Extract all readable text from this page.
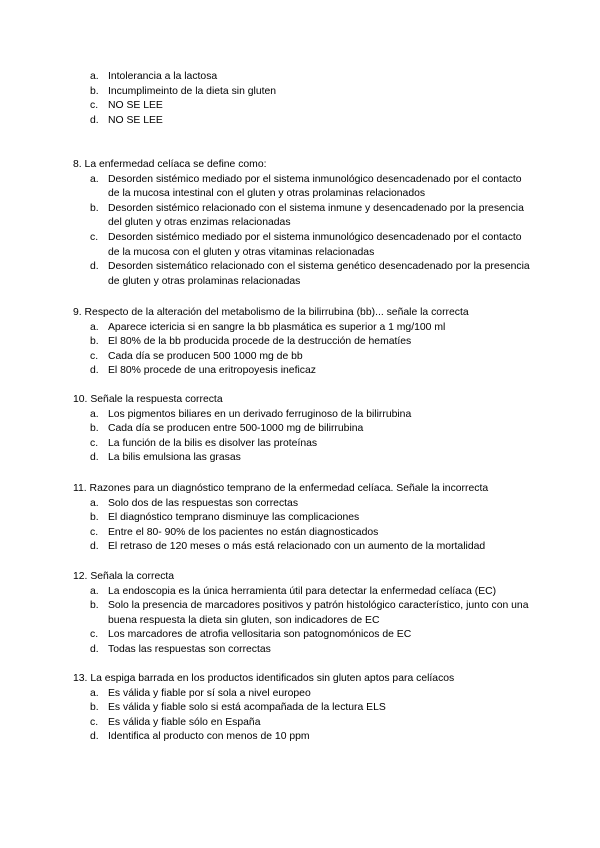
a. Intolerancia a la lactosa
b. Incumplimeinto de la dieta sin gluten
c. NO SE LEE
d. NO SE LEE

8. La enfermedad celíaca se define como:

a. Desorden sistémico mediado por el sistema inmunológico desencadenado por el contacto de la mucosa intestinal con el gluten y otras prolaminas relacionados
b. Desorden sistémico relacionado con el sistema inmune y desencadenado por la presencia del gluten y otras enzimas relacionadas
c. Desorden sistémico mediado por el sistema inmunológico desencadenado por el contacto de la mucosa con el gluten y otras vitaminas relacionadas
d. Desorden sistemático relacionado con el sistema genético desencadenado por la presencia de gluten y otras prolaminas relacionadas

9. Respecto de la alteración del metabolismo de la bilirrubina (bb)... señale la correcta

a. Aparece ictericia si en sangre la bb plasmática es superior a 1 mg/100 ml
b. El 80% de la bb producida procede de la destrucción de hematíes
c. Cada día se producen 500 1000 mg de bb
d. El 80% procede de una eritropoyesis ineficaz

10. Señale la respuesta correcta

a. Los pigmentos biliares en un derivado ferruginoso de la bilirrubina
b. Cada día se producen entre 500-1000 mg de bilirrubina
c. La función de la bilis es disolver las proteínas
d. La bilis emulsiona las grasas

11. Razones para un diagnóstico temprano de la enfermedad celíaca. Señale la incorrecta

a. Solo dos de las respuestas son correctas
b. El diagnóstico temprano disminuye las complicaciones
c. Entre el 80- 90% de los pacientes no están diagnosticados
d. El retraso de 120 meses o más está relacionado con un aumento de la mortalidad

12. Señala la correcta

a. La endoscopia es la única herramienta útil para detectar la enfermedad celíaca (EC)
b. Solo la presencia de marcadores positivos y patrón histológico característico, junto con una buena respuesta la dieta sin gluten, son indicadores de EC
c. Los marcadores de atrofia vellositaria son patognomónicos de EC
d. Todas las respuestas son correctas

13. La espiga barrada en los productos identificados sin gluten aptos para celíacos

a. Es válida y fiable por sí sola a nivel europeo
b. Es válida y fiable solo si está acompañada de la lectura ELS
c. Es válida y fiable sólo en España
d. Identifica al producto con menos de 10 ppm
